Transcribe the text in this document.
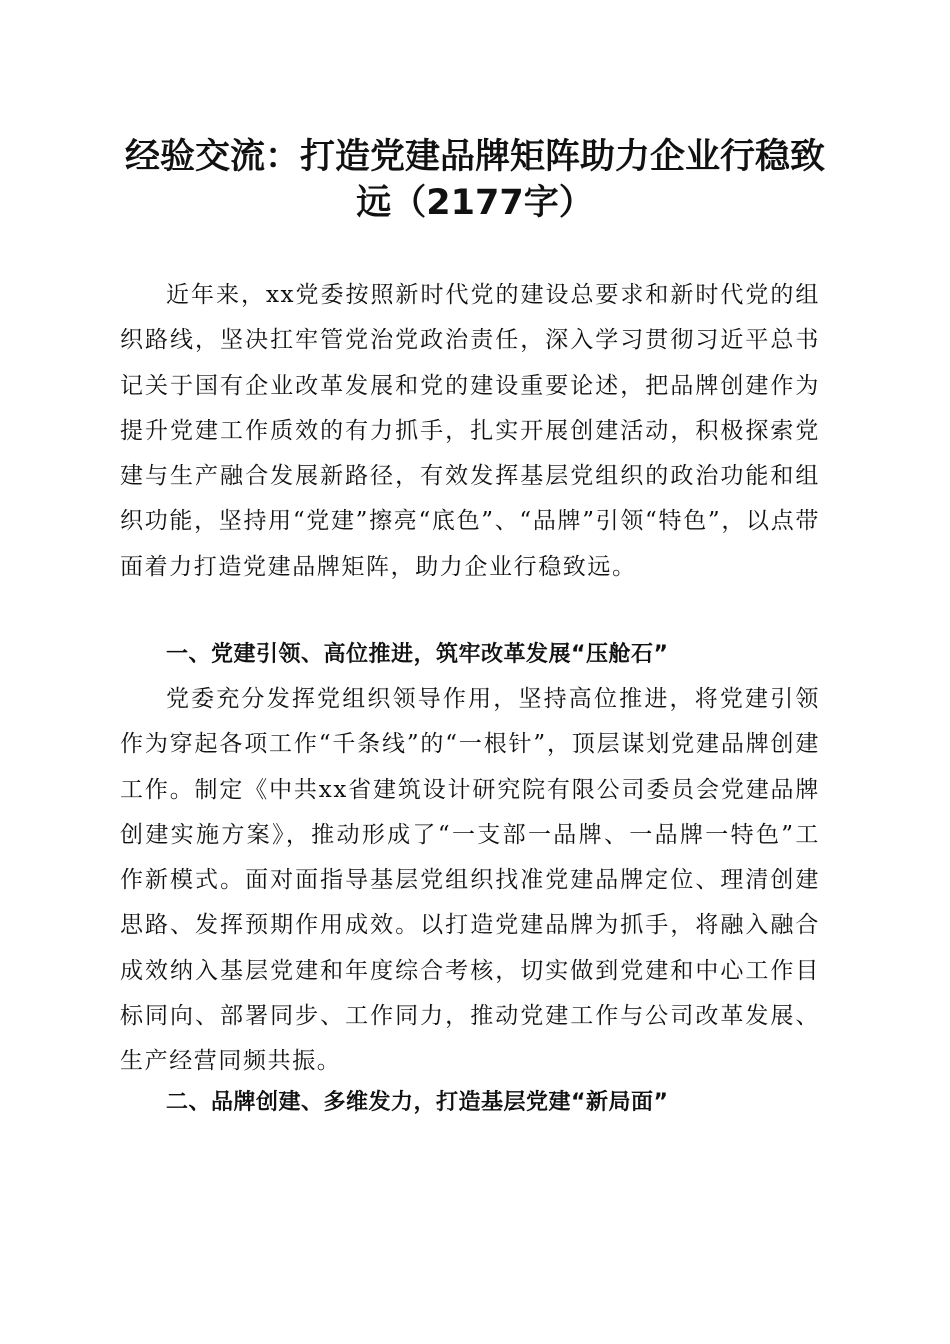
经验交流：打造党建品牌矩阵助力企业行稳致
远（2177字）

近年来，xx党委按照新时代党的建设总要求和新时代党的组织路线，坚决扛牢管党治党政治责任，深入学习贯彻习近平总书记关于国有企业改革发展和党的建设重要论述，把品牌创建作为提升党建工作质效的有力抓手，扎实开展创建活动，积极探索党建与生产融合发展新路径，有效发挥基层党组织的政治功能和组织功能，坚持用“党建”擦亮“底色”、“品牌”引领“特色”，以点带面着力打造党建品牌矩阵，助力企业行稳致远。

一、党建引领、高位推进，筑牢改革发展“压舱石”

党委充分发挥党组织领导作用，坚持高位推进，将党建引领作为穿起各项工作“千条线”的“一根针”，顶层谋划党建品牌创建工作。制定《中共xx省建筑设计研究院有限公司委员会党建品牌创建实施方案》，推动形成了“一支部一品牌、一品牌一特色”工作新模式。面对面指导基层党组织找准党建品牌定位、理清创建思路、发挥预期作用成效。以打造党建品牌为抓手，将融入融合成效纳入基层党建和年度综合考核，切实做到党建和中心工作目标同向、部署同步、工作同力，推动党建工作与公司改革发展、生产经营同频共振。

二、品牌创建、多维发力，打造基层党建“新局面”
